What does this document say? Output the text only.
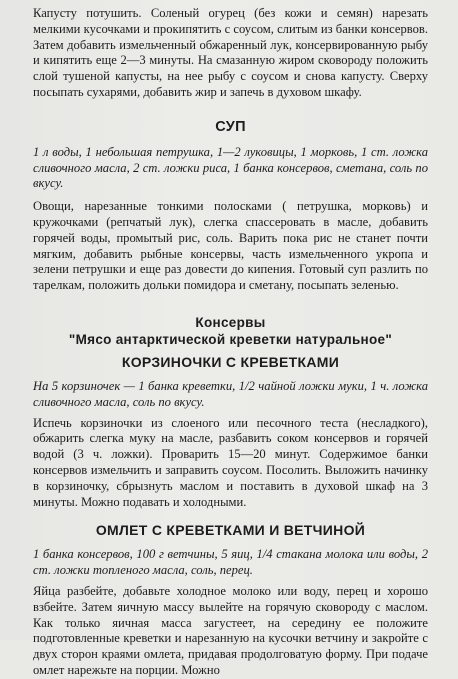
Капусту потушить. Соленый огурец (без кожи и семян) нарезать мелкими кусочками и прокипятить с соусом, слитым из банки консервов. Затем добавить измельченный обжаренный лук, консервированную рыбу и кипятить еще 2—3 минуты. На смазанную жиром сковороду положить слой тушеной капусты, на нее рыбу с соусом и снова капусту. Сверху посыпать сухарями, добавить жир и запечь в духовом шкафу.

СУП

1 л воды, 1 небольшая петрушка, 1—2 луковицы, 1 морковь, 1 ст. ложка сливочного масла, 2 ст. ложки риса, 1 банка консервов, сметана, соль по вкусу.

Овощи, нарезанные тонкими полосками ( петрушка, морковь) и кружочками (репчатый лук), слегка спассеровать в масле, добавить горячей воды, промытый рис, соль. Варить пока рис не станет почти мягким, добавить рыбные консервы, часть измельченного укропа и зелени петрушки и еще раз довести до кипения. Готовый суп разлить по тарелкам, положить дольки помидора и сметану, посыпать зеленью.

Консервы
"Мясо антарктической креветки натуральное"
КОРЗИНОЧКИ С КРЕВЕТКАМИ

На 5 корзиночек — 1 банка креветки, 1/2 чайной ложки муки, 1 ч. ложка сливочного масла, соль по вкусу.

Испечь корзиночки из слоеного или песочного теста (несладкого), обжарить слегка муку на масле, разбавить соком консервов и горячей водой (3 ч. ложки). Проварить 15—20 минут. Содержимое банки консервов измельчить и заправить соусом. Посолить. Выложить начинку в корзиночку, сбрызнуть маслом и поставить в духовой шкаф на 3 минуты. Можно подавать и холодными.

ОМЛЕТ С КРЕВЕТКАМИ И ВЕТЧИНОЙ

1 банка консервов, 100 г ветчины, 5 яиц, 1/4 стакана молока или воды, 2 ст. ложки топленого масла, соль, перец.

Яйца разбейте, добавьте холодное молоко или воду, перец и хорошо взбейте. Затем яичную массу вылейте на горячую сковороду с маслом. Как только яичная масса загустеет, на середину ее положите подготовленные креветки и нарезанную на кусочки ветчину и закройте с двух сторон краями омлета, придавая продолговатую форму. При подаче омлет нарежьте на порции. Можно
